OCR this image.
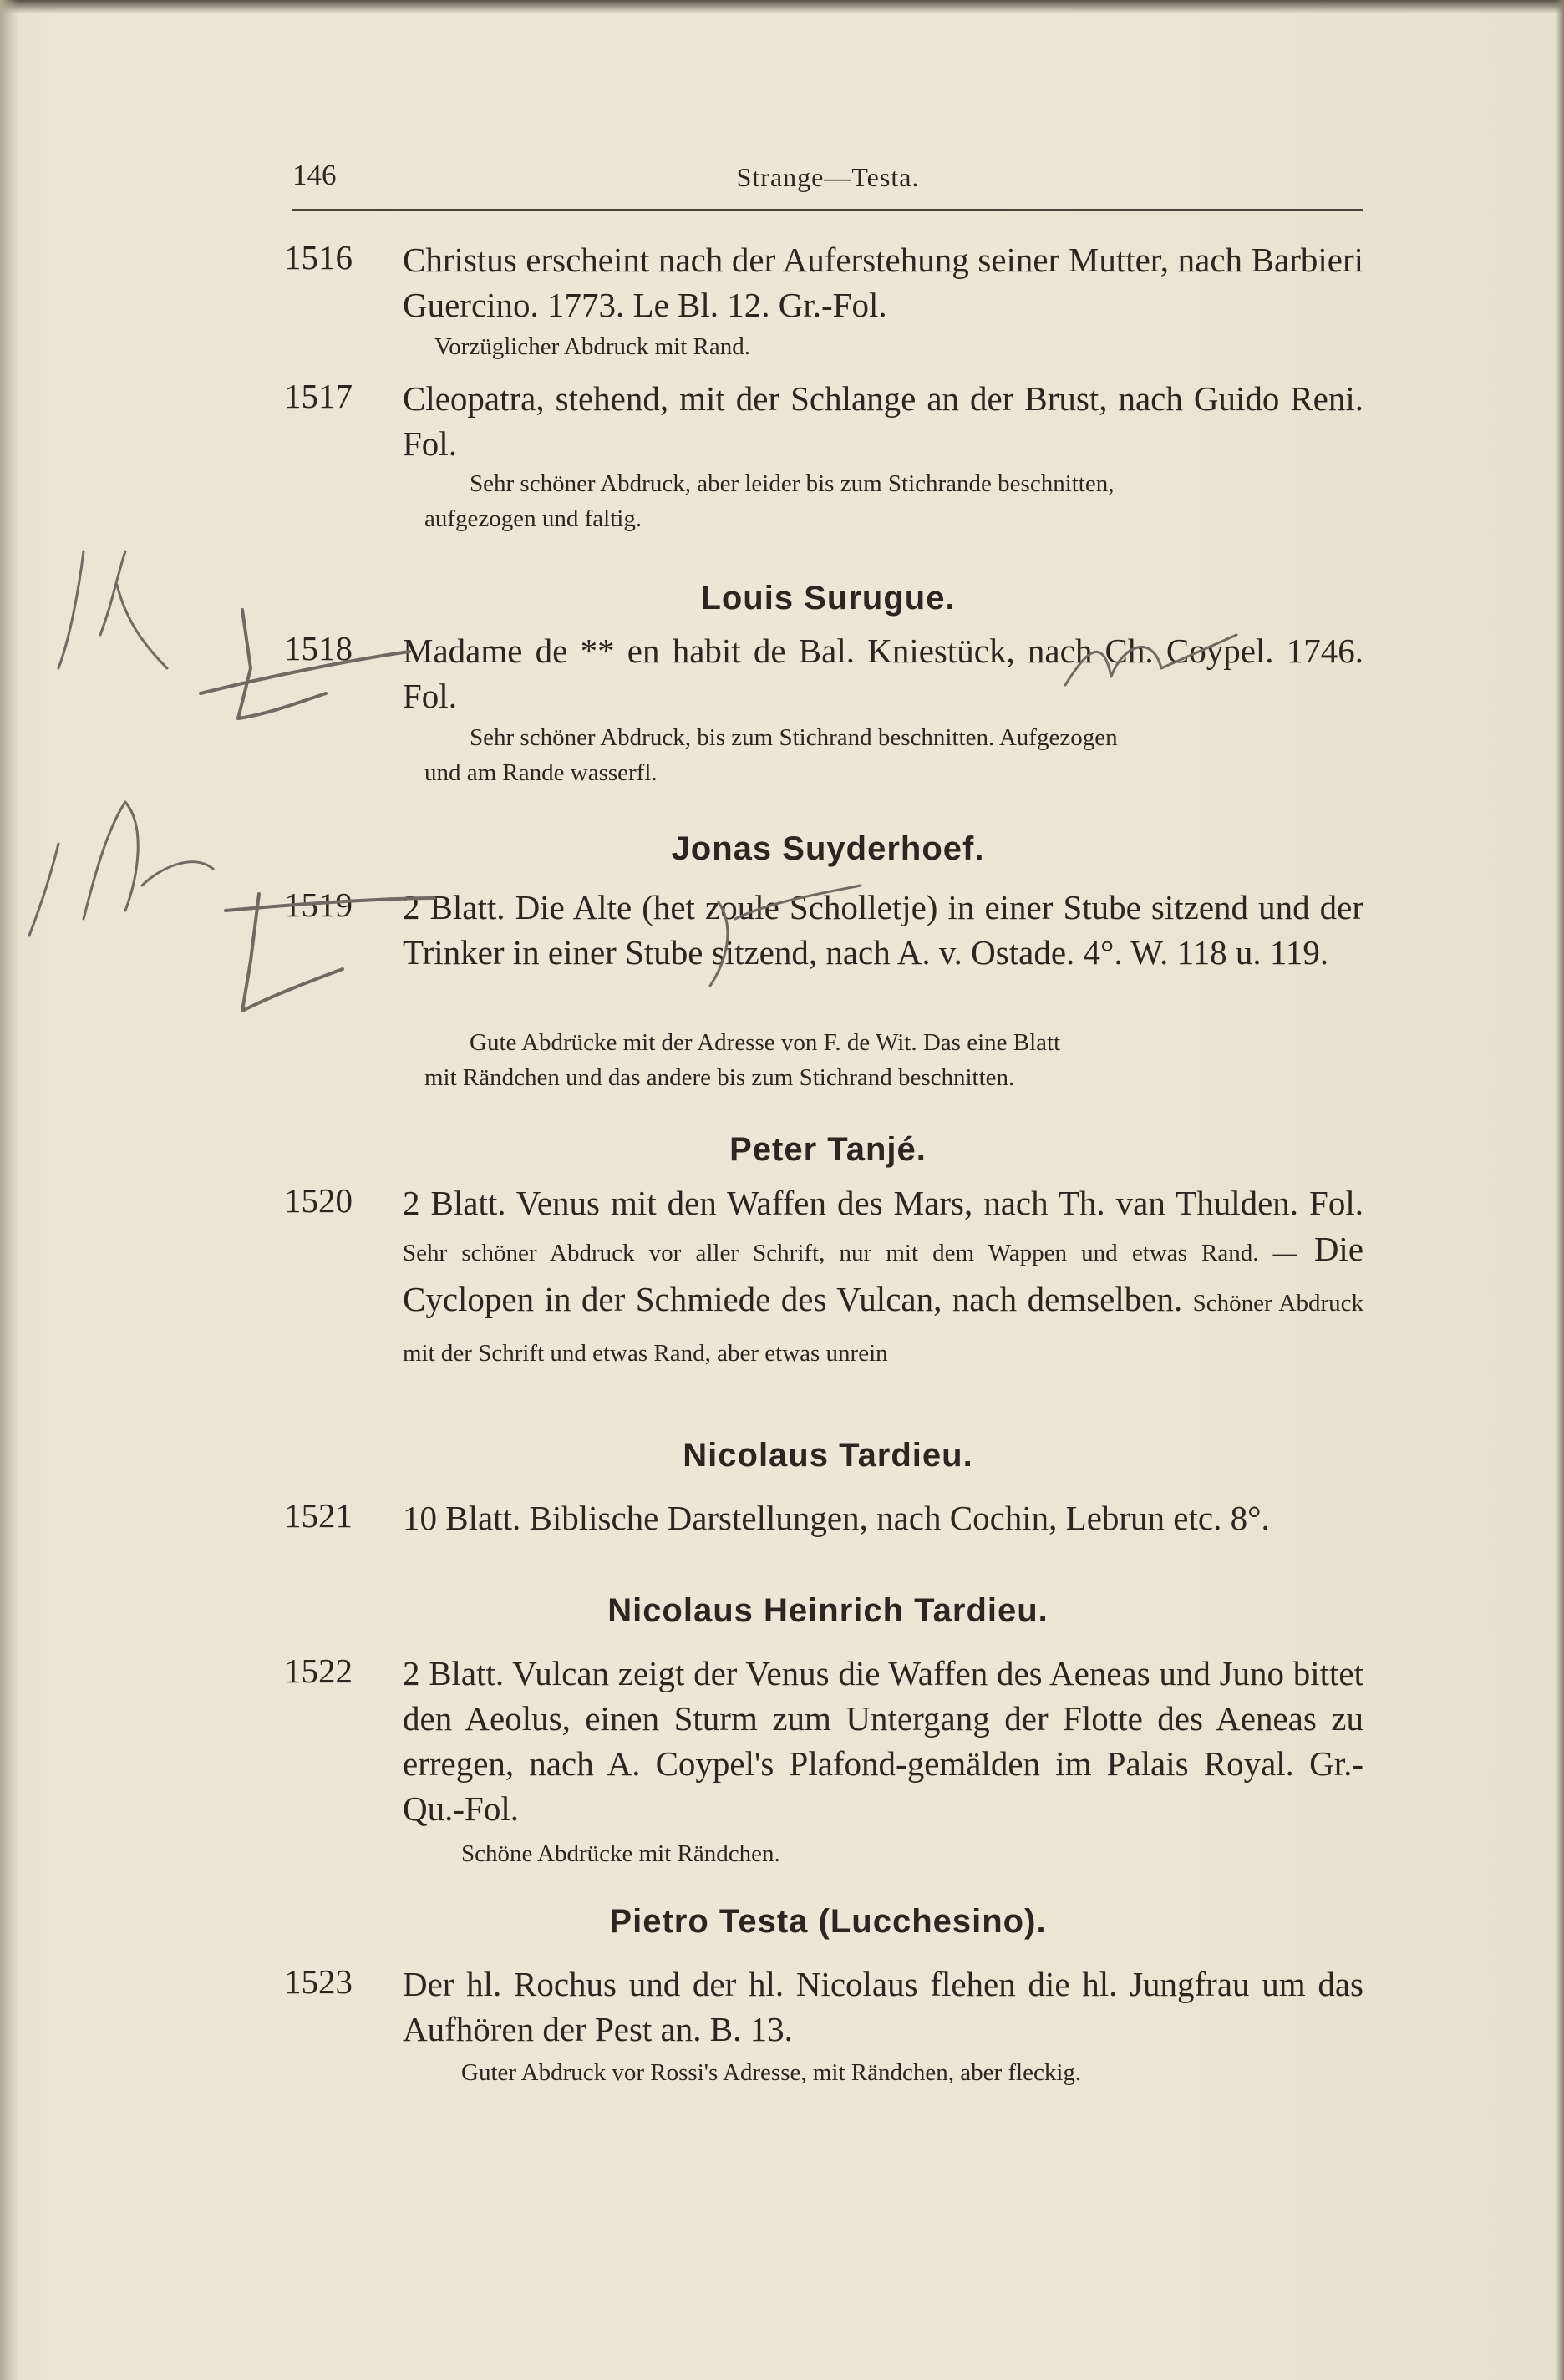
146	Strange—Testa.
1516 Christus erscheint nach der Auferstehung seiner Mutter, nach Barbieri Guercino. 1773. Le Bl. 12. Gr.-Fol.
Vorzüglicher Abdruck mit Rand.
1517 Cleopatra, stehend, mit der Schlange an der Brust, nach Guido Reni. Fol.
Sehr schöner Abdruck, aber leider bis zum Stichrande beschnitten,
aufgezogen und faltig.
Louis Surugue.
1518 Madame de ** en habit de Bal. Kniestück, nach Ch. Coypel. 1746. Fol.
Sehr schöner Abdruck, bis zum Stichrand beschnitten. Aufgezogen
und am Rande wasserfl.
Jonas Suyderhoef.
1519 2 Blatt. Die Alte (het zoule Scholletje) in einer Stube sitzend und der Trinker in einer Stube sitzend, nach A. v. Ostade. 4°. W. 118 u. 119.
Gute Abdrücke mit der Adresse von F. de Wit. Das eine Blatt
mit Rändchen und das andere bis zum Stichrand beschnitten.
Peter Tanjé.
1520 2 Blatt. Venus mit den Waffen des Mars, nach Th. van Thulden. Fol. Sehr schöner Abdruck vor aller Schrift, nur mit dem Wappen und etwas Rand. — Die Cyclopen in der Schmiede des Vulcan, nach demselben. Schöner Abdruck mit der Schrift und etwas Rand, aber etwas unrein
Nicolaus Tardieu.
1521 10 Blatt. Biblische Darstellungen, nach Cochin, Lebrun etc. 8°.
Nicolaus Heinrich Tardieu.
1522 2 Blatt. Vulcan zeigt der Venus die Waffen des Aeneas und Juno bittet den Aeolus, einen Sturm zum Untergang der Flotte des Aeneas zu erregen, nach A. Coypel's Plafond-gemälden im Palais Royal. Gr.-Qu.-Fol.
Schöne Abdrücke mit Rändchen.
Pietro Testa (Lucchesino).
1523 Der hl. Rochus und der hl. Nicolaus flehen die hl. Jungfrau um das Aufhören der Pest an. B. 13.
Guter Abdruck vor Rossi's Adresse, mit Rändchen, aber fleckig.
